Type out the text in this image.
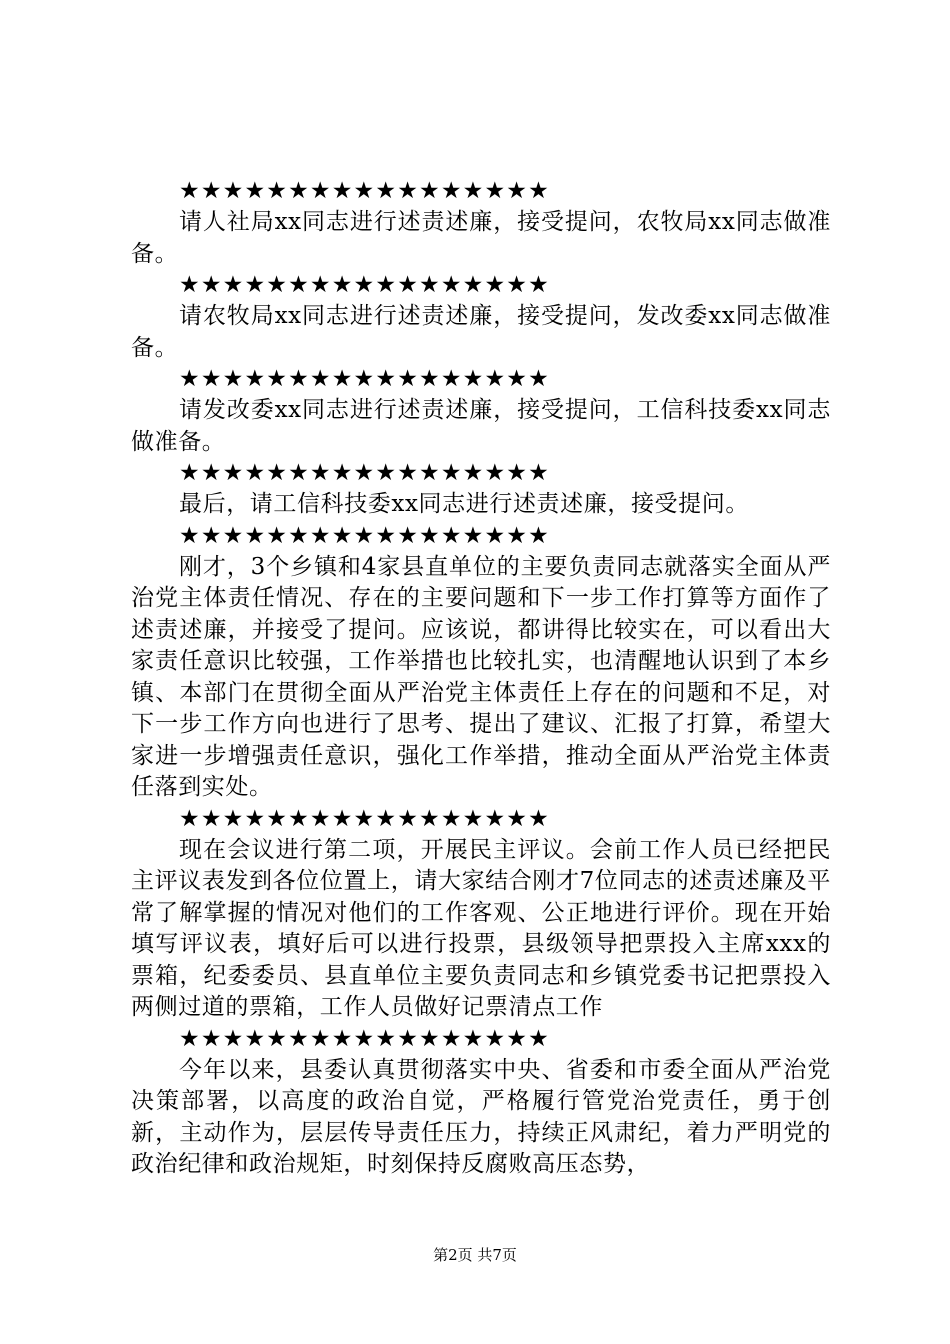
★★★★★★★★★★★★★★★★★

请人社局xx同志进行述责述廉，接受提问，农牧局xx同志做准备。

★★★★★★★★★★★★★★★★★

请农牧局xx同志进行述责述廉，接受提问，发改委xx同志做准备。

★★★★★★★★★★★★★★★★★

请发改委xx同志进行述责述廉，接受提问，工信科技委xx同志做准备。

★★★★★★★★★★★★★★★★★

最后，请工信科技委xx同志进行述责述廉，接受提问。

★★★★★★★★★★★★★★★★★

刚才，3个乡镇和4家县直单位的主要负责同志就落实全面从严治党主体责任情况、存在的主要问题和下一步工作打算等方面作了述责述廉，并接受了提问。应该说，都讲得比较实在，可以看出大家责任意识比较强，工作举措也比较扎实，也清醒地认识到了本乡镇、本部门在贯彻全面从严治党主体责任上存在的问题和不足，对下一步工作方向也进行了思考、提出了建议、汇报了打算，希望大家进一步增强责任意识，强化工作举措，推动全面从严治党主体责任落到实处。

★★★★★★★★★★★★★★★★★

现在会议进行第二项，开展民主评议。会前工作人员已经把民主评议表发到各位位置上，请大家结合刚才7位同志的述责述廉及平常了解掌握的情况对他们的工作客观、公正地进行评价。现在开始填写评议表，填好后可以进行投票，县级领导把票投入主席xxx的票箱，纪委委员、县直单位主要负责同志和乡镇党委书记把票投入两侧过道的票箱，工作人员做好记票清点工作

★★★★★★★★★★★★★★★★★

今年以来，县委认真贯彻落实中央、省委和市委全面从严治党决策部署，以高度的政治自觉，严格履行管党治党责任，勇于创新，主动作为，层层传导责任压力，持续正风肃纪，着力严明党的政治纪律和政治规矩，时刻保持反腐败高压态势，

第2页 共7页
